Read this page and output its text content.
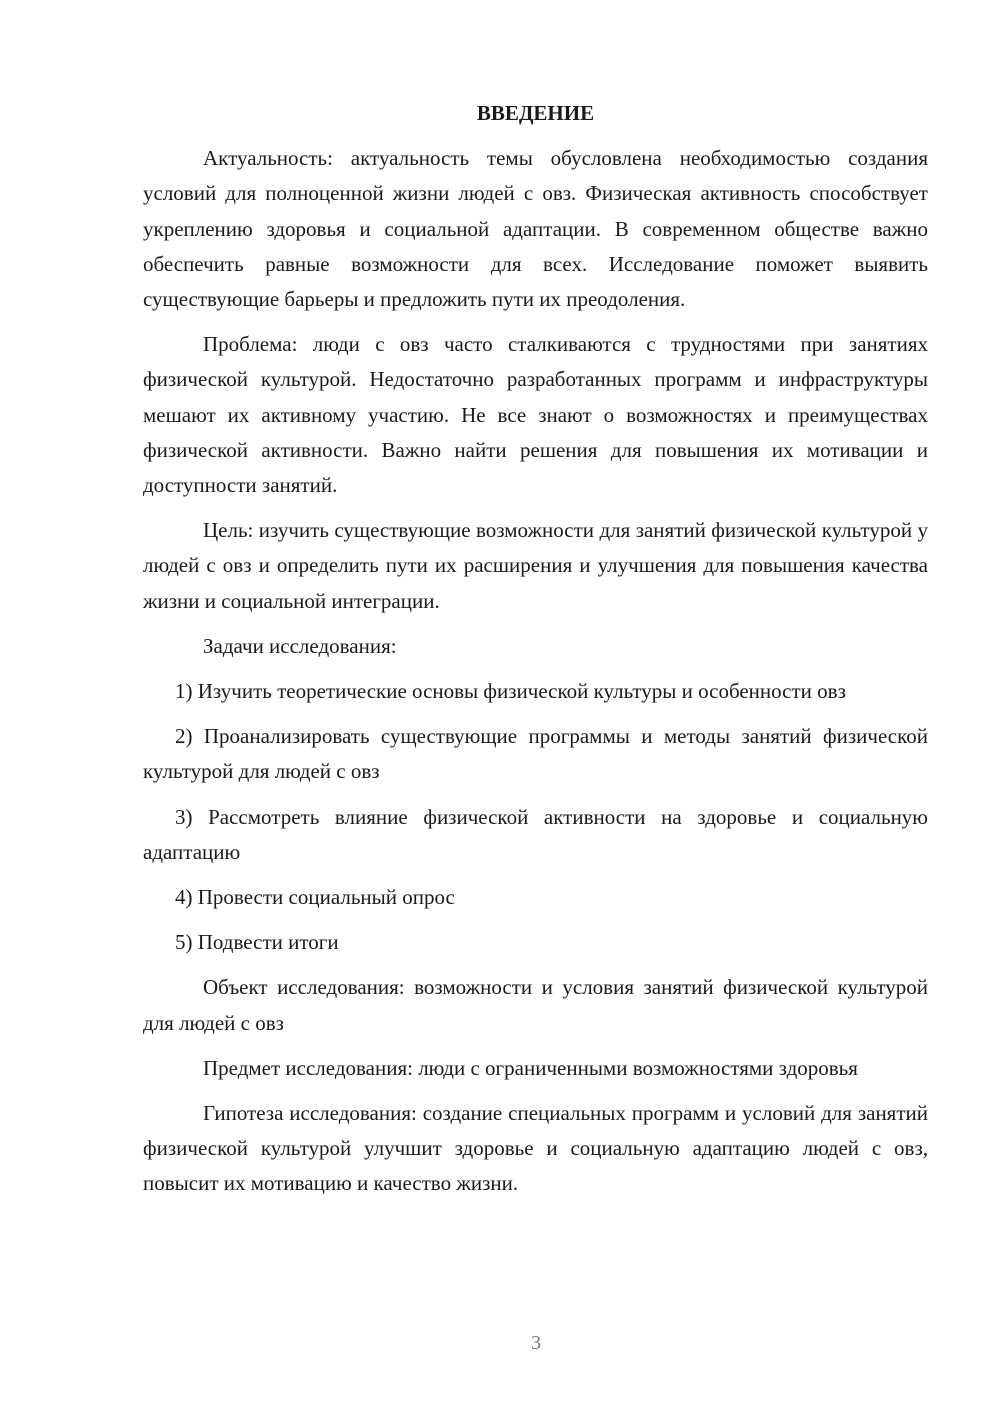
ВВЕДЕНИЕ

Актуальность: актуальность темы обусловлена необходимостью создания условий для полноценной жизни людей с овз. Физическая активность способствует укреплению здоровья и социальной адаптации. В современном обществе важно обеспечить равные возможности для всех. Исследование поможет выявить существующие барьеры и предложить пути их преодоления.

Проблема: люди с овз часто сталкиваются с трудностями при занятиях физической культурой. Недостаточно разработанных программ и инфраструктуры мешают их активному участию. Не все знают о возможностях и преимуществах физической активности. Важно найти решения для повышения их мотивации и доступности занятий.

Цель: изучить существующие возможности для занятий физической культурой у людей с овз и определить пути их расширения и улучшения для повышения качества жизни и социальной интеграции.

Задачи исследования:

1) Изучить теоретические основы физической культуры и особенности овз

2) Проанализировать существующие программы и методы занятий физической культурой для людей с овз

3) Рассмотреть влияние физической активности на здоровье и социальную адаптацию

4) Провести социальный опрос

5) Подвести итоги

Объект исследования: возможности и условия занятий физической культурой для людей с овз

Предмет исследования: люди с ограниченными возможностями здоровья

Гипотеза исследования: создание специальных программ и условий для занятий физической культурой улучшит здоровье и социальную адаптацию людей с овз, повысит их мотивацию и качество жизни.

3
